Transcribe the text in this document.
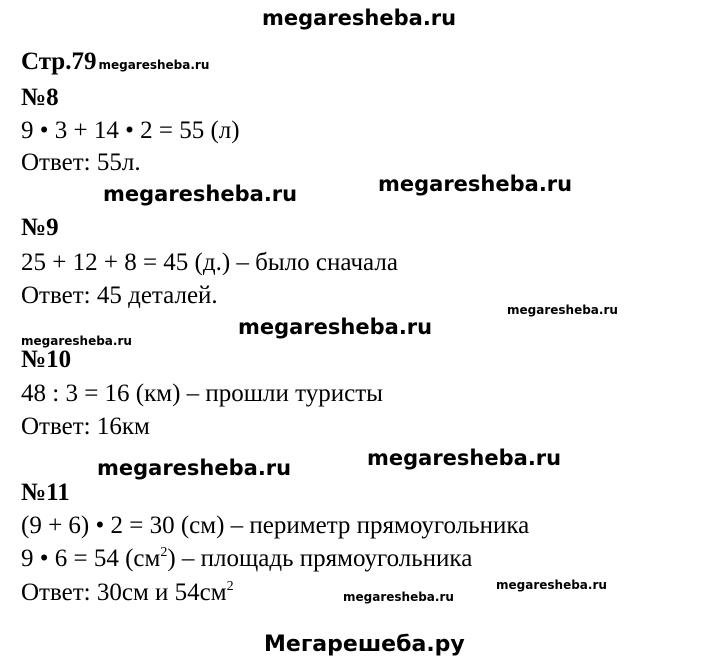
megaresheba.ru
Стр.79 megaresheba.ru
№8
9 • 3 + 14 • 2 = 55 (л)
Ответ: 55л.
megaresheba.ru	megaresheba.ru
№9
25 + 12 + 8 = 45 (д.) – было сначала
Ответ: 45 деталей.
megaresheba.ru
megaresheba.ru
megaresheba.ru
№10
48 : 3 = 16 (км) – прошли туристы
Ответ: 16км
megaresheba.ru
megaresheba.ru
№11
(9 + 6) • 2 = 30 (см) – периметр прямоугольника
9 • 6 = 54 $(см^2)$ – площадь прямоугольника
Ответ: 30см и $54см^2$	megaresheba.ru
megaresheba.ru
Мегарешеба.ру
